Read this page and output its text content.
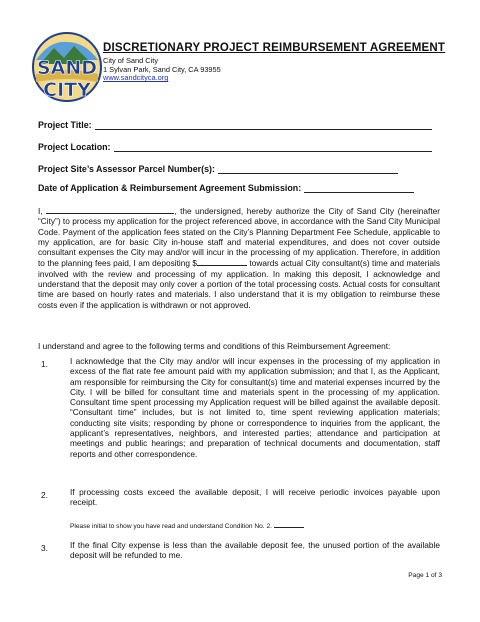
SAND
CITY
DISCRETIONARY PROJECT REIMBURSEMENT AGREEMENT
City of Sand City
1 Sylvan Park, Sand City, CA 93955
www.sandcityca.org
Project Title:
Project Location:
Project Site’s Assessor Parcel Number(s):
Date of Application & Reimbursement Agreement Submission:
I,	, the undersigned, hereby authorize the City of Sand City (hereinafter “City”) to process my application for the project referenced above, in accordance with the Sand City Municipal Code. Payment of the application fees stated on the City’s Planning Department Fee Schedule, applicable to my application, are for basic City in-house staff and material expenditures, and does not cover outside consultant expenses the City may and/or will incur in the processing of my application. Therefore, in addition to the planning fees paid, I am depositing $	towards actual City consultant(s) time and materials involved with the review and processing of my application. In making this deposit, I acknowledge and understand that the deposit may only cover a portion of the total processing costs. Actual costs for consultant time are based on hourly rates and materials. I also understand that it is my obligation to reimburse these costs even if the application is withdrawn or not approved.
I understand and agree to the following terms and conditions of this Reimbursement Agreement:
1.	I acknowledge that the City may and/or will incur expenses in the processing of my application in excess of the flat rate fee amount paid with my application submission; and that I, as the Applicant, am responsible for reimbursing the City for consultant(s) time and material expenses incurred by the City. I will be billed for consultant time and materials spent in the processing of my application. Consultant time spent processing my Application request will be billed against the available deposit. “Consultant time” includes, but is not limited to, time spent reviewing application materials; conducting site visits; responding by phone or correspondence to inquiries from the applicant, the applicant’s representatives, neighbors, and interested parties; attendance and participation at meetings and public hearings; and preparation of technical documents and documentation, staff reports and other correspondence.
2.	If processing costs exceed the available deposit, I will receive periodic invoices payable upon receipt.
Please initial to show you have read and understand Condition No. 2.
3.	If the final City expense is less than the available deposit fee, the unused portion of the available deposit will be refunded to me.
Page 1 of 3
